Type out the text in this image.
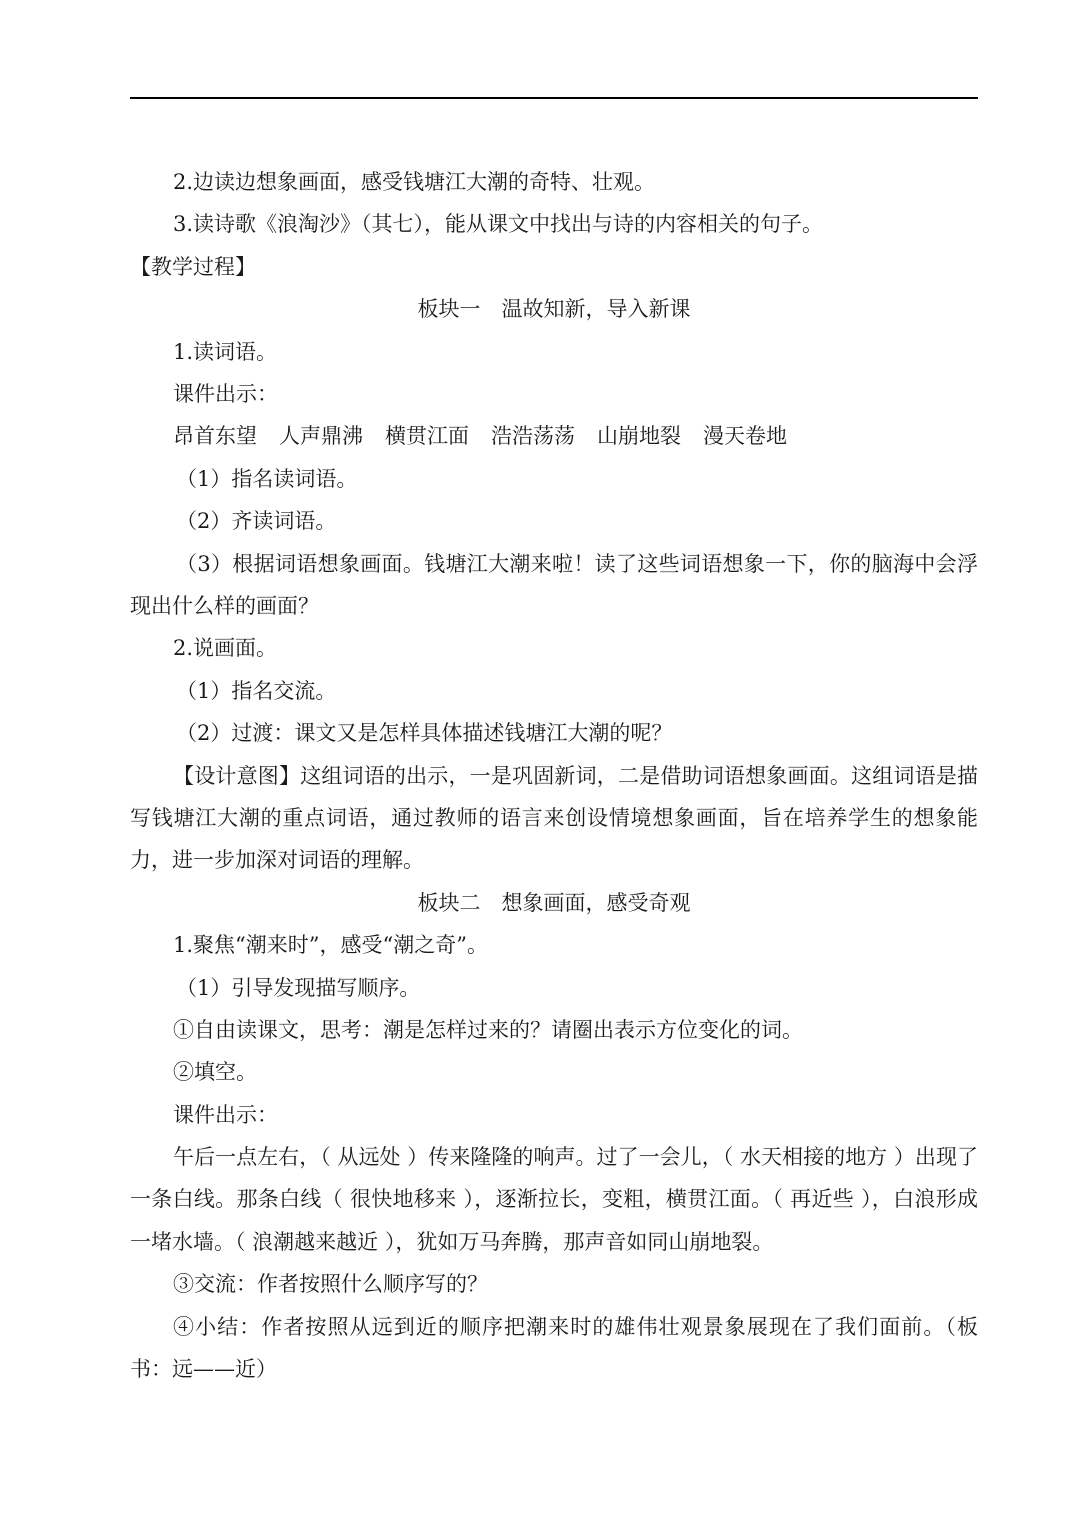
2.边读边想象画面，感受钱塘江大潮的奇特、壮观。
3.读诗歌《浪淘沙》（其七），能从课文中找出与诗的内容相关的句子。
【教学过程】
板块一　温故知新，导入新课
1.读词语。
课件出示：
昂首东望 人声鼎沸 横贯江面 浩浩荡荡 山崩地裂 漫天卷地
（1）指名读词语。
（2）齐读词语。
（3）根据词语想象画面。钱塘江大潮来啦！读了这些词语想象一下，你的脑海中会浮现出什么样的画面？
2.说画面。
（1）指名交流。
（2）过渡：课文又是怎样具体描述钱塘江大潮的呢？
【设计意图】这组词语的出示，一是巩固新词，二是借助词语想象画面。这组词语是描写钱塘江大潮的重点词语，通过教师的语言来创设情境想象画面，旨在培养学生的想象能力，进一步加深对词语的理解。
板块二　想象画面，感受奇观
1.聚焦“潮来时”，感受“潮之奇”。
（1）引导发现描写顺序。
①自由读课文，思考：潮是怎样过来的？请圈出表示方位变化的词。
②填空。
课件出示：
午后一点左右，（ 从远处 ）传来隆隆的响声。过了一会儿，（ 水天相接的地方 ）出现了一条白线。那条白线（ 很快地移来 ），逐渐拉长，变粗，横贯江面。（ 再近些 ），白浪形成一堵水墙。（ 浪潮越来越近 ），犹如万马奔腾，那声音如同山崩地裂。
③交流：作者按照什么顺序写的？
④小结：作者按照从远到近的顺序把潮来时的雄伟壮观景象展现在了我们面前。（板书：远——近）
